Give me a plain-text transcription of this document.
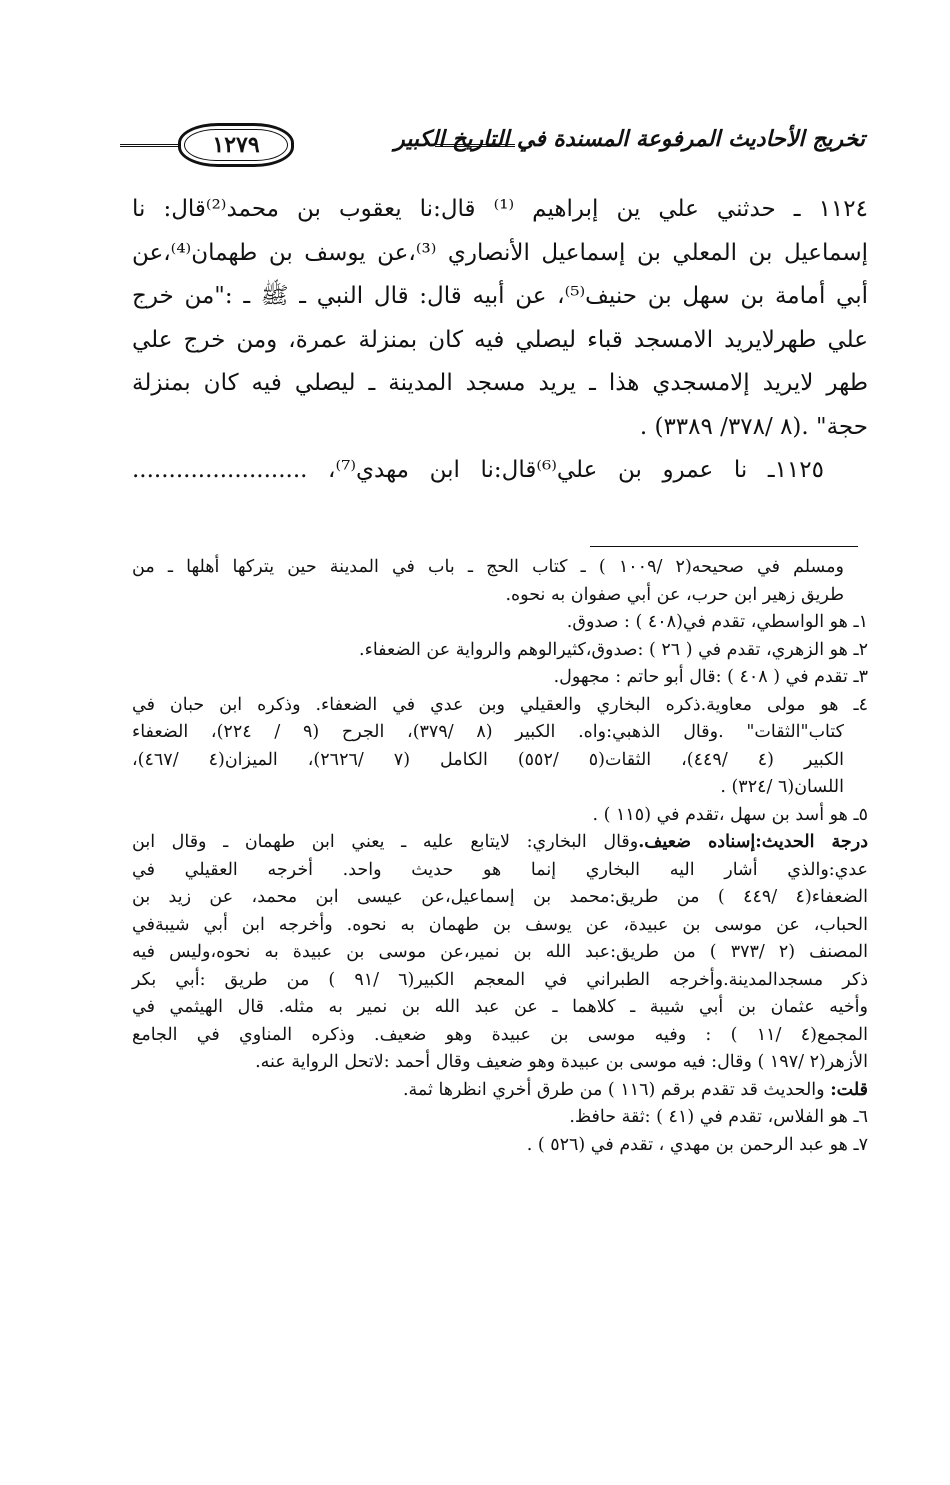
تخريج الأحاديث المرفوعة المسندة في التاريخ الكبير
١٢٧٩
١١٢٤ ـ حدثني علي ين إبراهيم ⁽¹⁾ قال:نا يعقوب بن محمد⁽²⁾قال: نا
إسماعيل بن المعلي بن إسماعيل الأنصاري ⁽³⁾،عن يوسف بن طهمان⁽⁴⁾،عن
أبي أمامة بن سهل بن حنيف⁽⁵⁾، عن أبيه قال: قال النبي ـ ﷺ ـ :"من خرج
علي طهرلايريد الامسجد قباء ليصلي فيه كان بمنزلة عمرة، ومن خرج علي
طهر لايريد إلامسجدي هذا ـ يريد مسجد المدينة ـ ليصلي فيه كان بمنزلة
حجة" .(٨ /٣٧٨/ ٣٣٨٩) .
١١٢٥ـ نا عمرو بن علي⁽⁶⁾قال:نا ابن مهدي⁽⁷⁾، ........................
ومسلم في صحيحه(٢ /١٠٠٩ ) ـ كتاب الحج ـ باب في المدينة حين يتركها أهلها ـ من
طريق زهير ابن حرب، عن أبي صفوان به نحوه.
١ـ هو الواسطي، تقدم في(٤٠٨ ) : صدوق.
٢ـ هو الزهري، تقدم في ( ٢٦ ) :صدوق،كثيرالوهم والرواية عن الضعفاء.
٣ـ تقدم في ( ٤٠٨ ) :قال أبو حاتم : مجهول.
٤ـ هو مولى معاوية.ذكره البخاري والعقيلي وبن عدي في الضعفاء. وذكره ابن حبان في
كتاب"الثقات" .وقال الذهبي:واه. الكبير (٨ /٣٧٩)، الجرح (٩ / ٢٢٤)، الضعفاء
الكبير (٤ /٤٤٩)، الثقات(٥ /٥٥٢) الكامل (٧ /٢٦٢٦)، الميزان(٤ /٤٦٧)،
اللسان(٦ /٣٢٤) .
٥ـ هو أسد بن سهل ،تقدم في (١١٥ ) .
درجة الحديث:إسناده ضعيف.وقال البخاري: لايتابع عليه ـ يعني ابن طهمان ـ وقال ابن
عدي:والذي أشار اليه البخاري إنما هو حديث واحد. أخرجه العقيلي في
الضعفاء(٤ /٤٤٩ ) من طريق:محمد بن إسماعيل،عن عيسى ابن محمد، عن زيد بن
الحباب، عن موسى بن عبيدة، عن يوسف بن طهمان به نحوه. وأخرجه ابن أبي شيبةفي
المصنف (٢ /٣٧٣ ) من طريق:عبد الله بن نمير،عن موسى بن عبيدة به نحوه،وليس فيه
ذكر مسجدالمدينة.وأخرجه الطبراني في المعجم الكبير(٦ /٩١ ) من طريق :أبي بكر
وأخيه عثمان بن أبي شيبة ـ كلاهما ـ عن عبد الله بن نمير به مثله. قال الهيثمي في
المجمع(٤ /١١ ) : وفيه موسى بن عبيدة وهو ضعيف. وذكره المناوي في الجامع
الأزهر(٢ /١٩٧ ) وقال: فيه موسى بن عبيدة وهو ضعيف وقال أحمد :لاتحل الرواية عنه.
قلت: والحديث قد تقدم برقم (١١٦ ) من طرق أخري انظرها ثمة.
٦ـ هو الفلاس، تقدم في (٤١ ) :ثقة حافظ.
٧ـ هو عبد الرحمن بن مهدي ، تقدم في (٥٢٦ ) .
